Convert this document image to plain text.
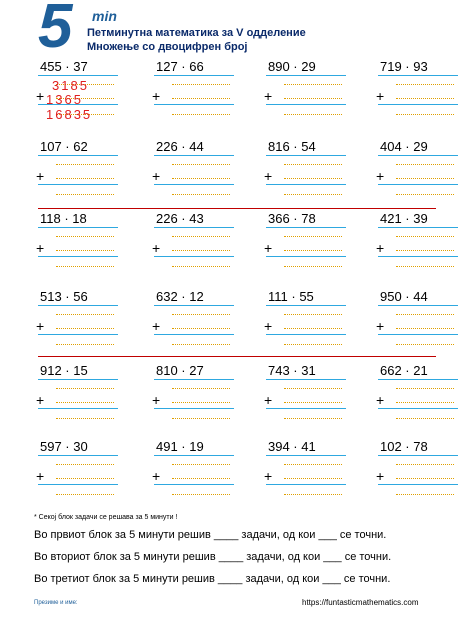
5 min
Петминутна математика за V одделение
Множење со двоцифрен број
455 · 37
+
3185
1365
16835
127 · 66
+
890 · 29
+
719 · 93
+
107 · 62
+
226 · 44
+
816 · 54
+
404 · 29
+
118 · 18
+
226 · 43
+
366 · 78
+
421 · 39
+
513 · 56
+
632 · 12
+
111 · 55
+
950 · 44
+
912 · 15
+
810 · 27
+
743 · 31
+
662 · 21
+
597 · 30
+
491 · 19
+
394 · 41
+
102 · 78
+
* Секој блок задачи се решава за 5 минути !
Во првиот блок за 5 минути решив ____ задачи, од кои ___ се точни.
Во вториот блок за 5 минути решив ____ задачи, од кои ___ се точни.
Во третиот блок за 5 минути решив ____ задачи, од кои ___ се точни.
Презиме и име:	https://funtasticmathematics.com
